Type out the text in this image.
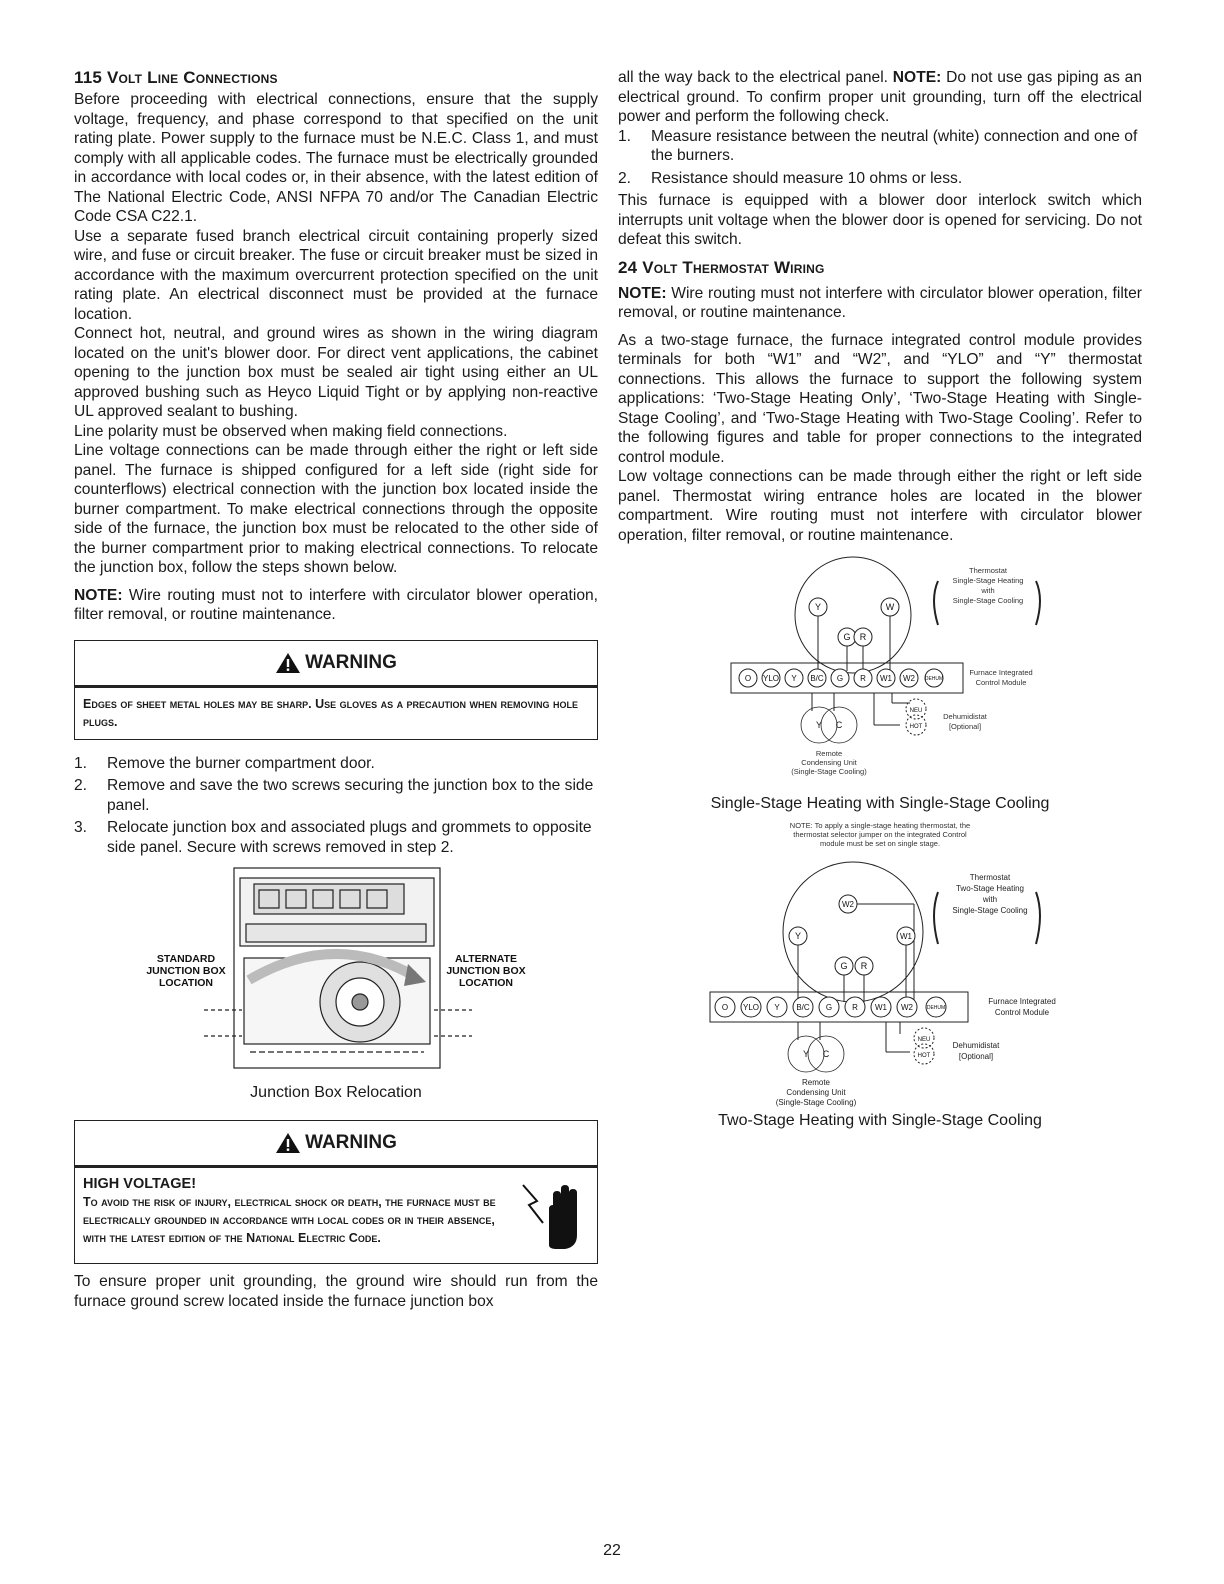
115 Volt Line Connections

Before proceeding with electrical connections, ensure that the supply voltage, frequency, and phase correspond to that specified on the unit rating plate. Power supply to the furnace must be N.E.C. Class 1, and must comply with all applicable codes. The furnace must be electrically grounded in accordance with local codes or, in their absence, with the latest edition of The National Electric Code, ANSI NFPA 70 and/or The Canadian Electric Code CSA C22.1.

Use a separate fused branch electrical circuit containing properly sized wire, and fuse or circuit breaker. The fuse or circuit breaker must be sized in accordance with the maximum overcurrent protection specified on the unit rating plate. An electrical disconnect must be provided at the furnace location.

Connect hot, neutral, and ground wires as shown in the wiring diagram located on the unit's blower door. For direct vent applications, the cabinet opening to the junction box must be sealed air tight using either an UL approved bushing such as Heyco Liquid Tight or by applying non-reactive UL approved sealant to bushing.

Line polarity must be observed when making field connections.

Line voltage connections can be made through either the right or left side panel. The furnace is shipped configured for a left side (right side for counterflows) electrical connection with the junction box located inside the burner compartment. To make electrical connections through the opposite side of the furnace, the junction box must be relocated to the other side of the burner compartment prior to making electrical connections. To relocate the junction box, follow the steps shown below.

NOTE: Wire routing must not to interfere with circulator blower operation, filter removal, or routine maintenance.

WARNING
Edges of sheet metal holes may be sharp. Use gloves as a precaution when removing hole plugs.
1.	Remove the burner compartment door.
2.	Remove and save the two screws securing the junction box to the side panel.
3.	Relocate junction box and associated plugs and grommets to opposite side panel. Secure with screws removed in step 2.
STANDARD
JUNCTION BOX
LOCATION
ALTERNATE
JUNCTION BOX
LOCATION
Junction Box Relocation
WARNING
HIGH VOLTAGE!
To avoid the risk of injury, electrical shock or death, the furnace must be electrically grounded in accordance with local codes or in their absence, with the latest edition of the National Electric Code.

To ensure proper unit grounding, the ground wire should run from the furnace ground screw located inside the furnace junction box

all the way back to the electrical panel. NOTE: Do not use gas piping as an electrical ground. To confirm proper unit grounding, turn off the electrical power and perform the following check.

1.	Measure resistance between the neutral (white) connection and one of the burners.
2.	Resistance should measure 10 ohms or less.

This furnace is equipped with a blower door interlock switch which interrupts unit voltage when the blower door is opened for servicing. Do not defeat this switch.

24 Volt Thermostat Wiring

NOTE: Wire routing must not interfere with circulator blower operation, filter removal, or routine maintenance.

As a two-stage furnace, the furnace integrated control module provides terminals for both “W1” and “W2”, and “YLO” and “Y” thermostat connections. This allows the furnace to support the following system applications: ‘Two-Stage Heating Only’, ‘Two-Stage Heating with Single-Stage Cooling’, and ‘Two-Stage Heating with Two-Stage Cooling’. Refer to the following figures and table for proper connections to the integrated control module.

Low voltage connections can be made through either the right or left side panel. Thermostat wiring entrance holes are located in the blower compartment. Wire routing must not interfere with circulator blower operation, filter removal, or routine maintenance.

Y	W
G R
O YLO Y B/C G R W1 W2 DEHUM
Y C
NEU
HOT
Thermostat
Single-Stage Heating
with
Single-Stage Cooling
Furnace Integrated
Control Module
Dehumidistat
[Optional]
Remote
Condensing Unit
(Single-Stage Cooling)
Single-Stage Heating with Single-Stage Cooling
NOTE: To apply a single-stage heating thermostat, the
thermostat selector jumper on the integrated Control
module must be set on single stage.
W2
Y	W1
G R
O YLO Y B/C G R W1 W2	DEHUM
Y C
NEU
HOT
Thermostat
Two-Stage Heating
with
Single-Stage Cooling
Furnace Integrated
Control Module
Dehumidistat
[Optional]
Remote
Condensing Unit
(Single-Stage Cooling)
Two-Stage Heating with Single-Stage Cooling
22
